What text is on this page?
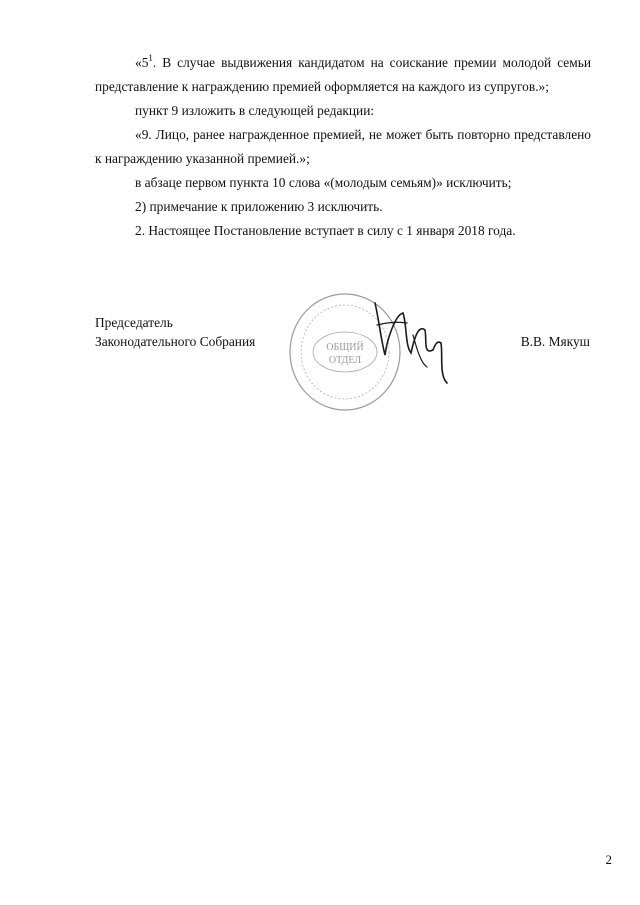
«$5^1$. В случае выдвижения кандидатом на соискание премии молодой семьи представление к награждению премией оформляется на каждого из супругов.»;

пункт 9 изложить в следующей редакции:

«9. Лицо, ранее награжденное премией, не может быть повторно представлено к награждению указанной премией.»;

в абзаце первом пункта 10 слова «(молодым семьям)» исключить;

2) примечание к приложению 3 исключить.

2. Настоящее Постановление вступает в силу с 1 января 2018 года.

Председатель
Законодательного Собрания	ОБЩИЙ
ОТДЕЛ
В.В. Мякуш
2
